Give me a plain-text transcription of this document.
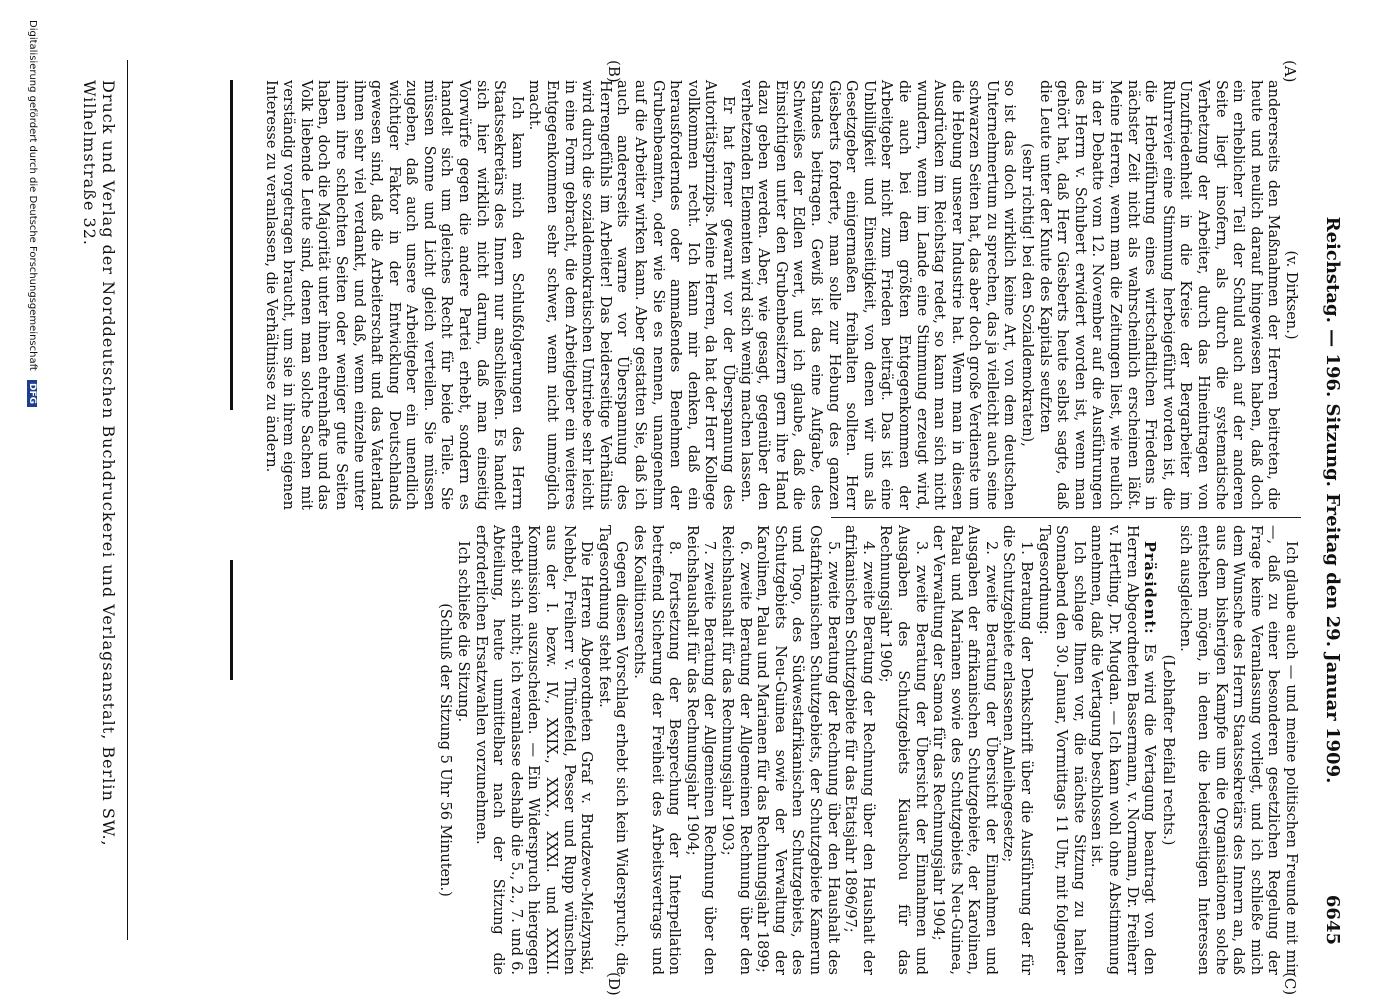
Reichstag. — 196. Sitzung. Freitag den 29. Januar 1909.
6645
(A)
(B)
(C)
(D)

(v. Dirksen.)

andererseits den Maßnahmen der Herren beitreten, die heute und neulich darauf hingewiesen haben, daß doch ein erheblicher Teil der Schuld auch auf der anderen Seite liegt insofern, als durch die systematische Verhetzung der Arbeiter, durch das Hineintragen von Unzufriedenheit in die Kreise der Bergarbeiter im Ruhrrevier eine Stimmung herbeigeführt worden ist, die die Herbeiführung eines wirtschaftlichen Friedens in nächster Zeit nicht als wahrscheinlich erscheinen läßt. Meine Herren, wenn man die Zeitungen liest, wie neulich in der Debatte vom 12. November auf die Ausführungen des Herrn v. Schubert erwidert worden ist, wenn man gehört hat, daß Herr Giesberts heute selbst sagte, daß die Leute unter der Knute des Kapitals seufzten

(sehr richtig! bei den Sozialdemokraten),

so ist das doch wirklich keine Art, von dem deutschen Unternehmertum zu sprechen, das ja vielleicht auch seine schwarzen Seiten hat, das aber doch große Verdienste um die Hebung unserer Industrie hat. Wenn man in diesen Ausdrücken im Reichstag redet, so kann man sich nicht wundern, wenn im Lande eine Stimmung erzeugt wird, die auch bei dem größten Entgegenkommen der Arbeitgeber nicht zum Frieden beiträgt. Das ist eine Unbilligkeit und Einseitigkeit, von denen wir uns als Gesetzgeber einigermaßen freihalten sollten. Herr Giesberts forderte, man solle zur Hebung des ganzen Standes beitragen. Gewiß ist das eine Aufgabe, des Schweißes der Edlen wert, und ich glaube, daß die Einsichtigen unter den Grubenbesitzern gern ihre Hand dazu geben werden. Aber, wie gesagt, gegenüber den verhetzenden Elementen wird sich wenig machen lassen.

Er hat ferner gewarnt vor der Überspannung des Autoritätsprinzips. Meine Herren, da hat der Herr Kollege vollkommen recht. Ich kann mir denken, daß ein herausforderndes oder anmaßendes Benehmen der Grubenbeamten, oder wie Sie es nennen, unangenehm auf die Arbeiter wirken kann. Aber gestatten Sie, daß ich auch andererseits warne vor Überspannung des Herrengefühls im Arbeiter! Das beiderseitige Verhältnis wird durch die sozialdemokratischen Umtriebe sehr leicht in eine Form gebracht, die dem Arbeitgeber ein weiteres Entgegenkommen sehr schwer, wenn nicht unmöglich macht.

Ich kann mich den Schlußfolgerungen des Herrn Staatssekretärs des Innern nur anschließen. Es handelt sich hier wirklich nicht darum, daß man einseitig Vorwürfe gegen die andere Partei erhebt, sondern es handelt sich um gleiches Recht für beide Teile. Sie müssen Sonne und Licht gleich verteilen. Sie müssen zugeben, daß auch unsere Arbeitgeber ein unendlich wichtiger Faktor in der Entwicklung Deutschlands gewesen sind, daß die Arbeiterschaft und das Vaterland ihnen sehr viel verdankt, und daß, wenn einzelne unter ihnen ihre schlechten Seiten oder weniger gute Seiten haben, doch die Majorität unter ihnen ehrenhafte und das Volk liebende Leute sind, denen man solche Sachen mit verständig vorgetragen braucht, um sie in ihrem eigenen Interesse zu veranlassen, die Verhältnisse zu ändern.

Ich glaube auch — und meine politischen Freunde mit mir —, daß zu einer besonderen gesetzlichen Regelung der Frage keine Veranlassung vorliegt, und ich schließe mich dem Wunsche des Herrn Staatssekretärs des Innern an, daß aus dem bisherigen Kampfe um die Organisationen solche entstehen mögen, in denen die beiderseitigen Interessen sich ausgleichen.

(Lebhafter Beifall rechts.)

Präsident: Es wird die Vertagung beantragt von den Herren Abgeordneten Bassermann, v. Normann, Dr. Freiherr v. Hertling, Dr. Mugdan. — Ich kann wohl ohne Abstimmung annehmen, daß die Vertagung beschlossen ist.

Ich schlage Ihnen vor, die nächste Sitzung zu halten Sonnabend den 30. Januar, Vormittags 11 Uhr, mit folgender Tagesordnung:

1. Beratung der Denkschrift über die Ausführung der für die Schutzgebiete erlassenen Anleihegesetze;

2. zweite Beratung der Übersicht der Einnahmen und Ausgaben der afrikanischen Schutzgebiete, der Karolinen, Palau und Marianen sowie des Schutzgebiets Neu-Guinea, der Verwaltung der Samoa für das Rechnungsjahr 1904;

3. zweite Beratung der Übersicht der Einnahmen und Ausgaben des Schutzgebiets Kiautschou für das Rechnungsjahr 1906;

4. zweite Beratung der Rechnung über den Haushalt der afrikanischen Schutzgebiete für das Etatsjahr 1896/97;

5. zweite Beratung der Rechnung über den Haushalt des Ostafrikanischen Schutzgebiets, der Schutzgebiete Kamerun und Togo, des Südwestafrikanischen Schutzgebiets, des Schutzgebiets Neu-Guinea sowie der Verwaltung der Karolinen, Palau und Marianen für das Rechnungsjahr 1899;

6. zweite Beratung der Allgemeinen Rechnung über den Reichshaushalt für das Rechnungsjahr 1903;

7. zweite Beratung der Allgemeinen Rechnung über den Reichshaushalt für das Rechnungsjahr 1904;

8. Fortsetzung der Besprechung der Interpellation betreffend Sicherung der Freiheit des Arbeitsvertrags und des Koalitionsrechts.

Gegen diesen Vorschlag erhebt sich kein Widerspruch; die Tagesordnung steht fest.

Die Herren Abgeordneten Graf v. Brudzewo-Mielzynski, Nehbel, Freiherr v. Thünefeld, Pesser und Rupp wünschen aus der I. bezw. IV., XXIX., XXX., XXXI. und XXXII. Kommission auszuscheiden. — Ein Widerspruch hiergegen erhebt sich nicht; ich veranlasse deshalb die 5., 2., 7. und 6. Abteilung, heute unmittelbar nach der Sitzung die erforderlichen Ersatzwahlen vorzunehmen.

Ich schließe die Sitzung.

(Schluß der Sitzung 5 Uhr 56 Minuten.)

Druck und Verlag der Norddeutschen Buchdruckerei und Verlagsanstalt, Berlin SW., Wilhelmstraße 32.
Digitalisierung gefördert durch die Deutsche Forschungsgemeinschaft DFG
